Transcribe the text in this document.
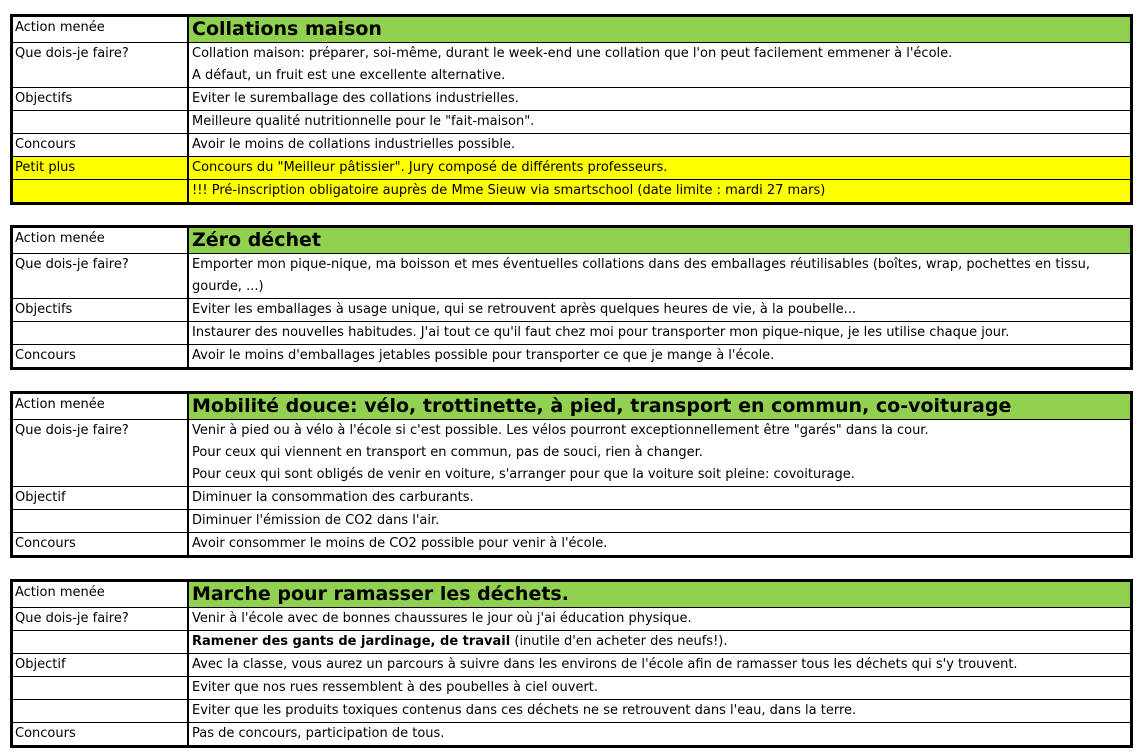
Action menée	Collations maison
Que dois-je faire?	Collation maison: préparer, soi-même, durant le week-end une collation que l'on peut facilement emmener à l'école.
A défaut, un fruit est une excellente alternative.
Objectifs	Eviter le suremballage des collations industrielles.
Meilleure qualité nutritionnelle pour le "fait-maison".
Concours	Avoir le moins de collations industrielles possible.
Petit plus	Concours du "Meilleur pâtissier". Jury composé de différents professeurs.
!!! Pré-inscription obligatoire auprès de Mme Sieuw via smartschool (date limite : mardi 27 mars)
Action menée	Zéro déchet
Que dois-je faire?	Emporter mon pique-nique, ma boisson et mes éventuelles collations dans des emballages réutilisables (boîtes, wrap, pochettes en tissu, gourde, ...)
Objectifs	Eviter les emballages à usage unique, qui se retrouvent après quelques heures de vie, à la poubelle...
Instaurer des nouvelles habitudes. J'ai tout ce qu'il faut chez moi pour transporter mon pique-nique, je les utilise chaque jour.
Concours	Avoir le moins d'emballages jetables possible pour transporter ce que je mange à l'école.
Action menée	Mobilité douce: vélo, trottinette, à pied, transport en commun, co-voiturage
Que dois-je faire?	Venir à pied ou à vélo à l'école si c'est possible. Les vélos pourront exceptionnellement être "garés" dans la cour.
Pour ceux qui viennent en transport en commun, pas de souci, rien à changer.
Pour ceux qui sont obligés de venir en voiture, s'arranger pour que la voiture soit pleine: covoiturage.
Objectif	Diminuer la consommation des carburants.
Diminuer l'émission de CO2 dans l'air.
Concours	Avoir consommer le moins de CO2 possible pour venir à l'école.
Action menée	Marche pour ramasser les déchets.
Que dois-je faire?	Venir à l'école avec de bonnes chaussures le jour où j'ai éducation physique.
Ramener des gants de jardinage, de travail (inutile d'en acheter des neufs!).
Objectif	Avec la classe, vous aurez un parcours à suivre dans les environs de l'école afin de ramasser tous les déchets qui s'y trouvent.
Eviter que nos rues ressemblent à des poubelles à ciel ouvert.
Eviter que les produits toxiques contenus dans ces déchets ne se retrouvent dans l'eau, dans la terre.
Concours	Pas de concours, participation de tous.
